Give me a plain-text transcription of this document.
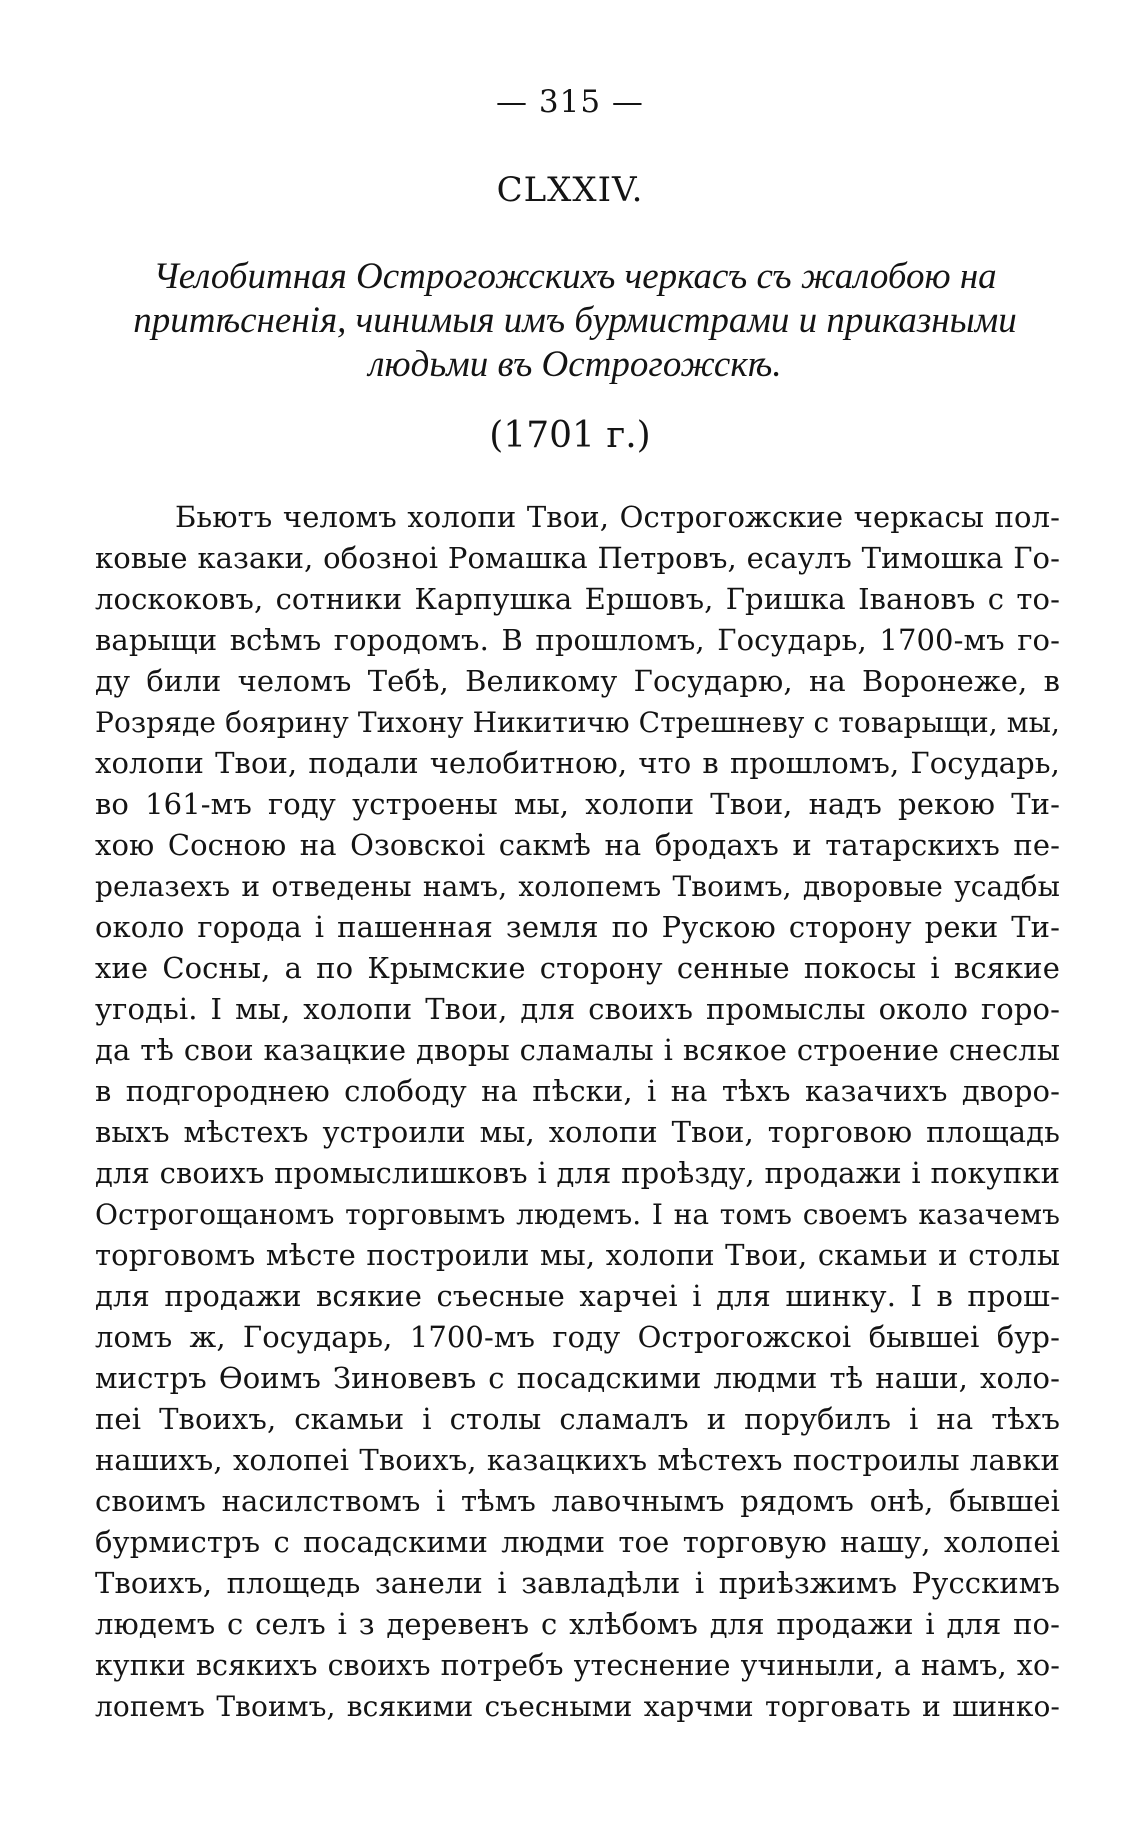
— 315 —
CLXXIV.
Челобитная Острогожскихъ черкасъ съ жалобою на
притѣсненія, чинимыя имъ бурмистрами и приказными
людьми въ Острогожскѣ.
(1701 г.)
Бьютъ челомъ холопи Твои, Острогожские черкасы пол-
ковые казаки, обозноі Ромашка Петровъ, есаулъ Тимошка Го-
лоскоковъ, сотники Карпушка Ершовъ, Гришка Івановъ с то-
варыщи всѣмъ городомъ. В прошломъ, Государь, 1700-мъ го-
ду били челомъ Тебѣ, Великому Государю, на Воронеже, в
Розряде боярину Тихону Никитичю Стрешневу с товарыщи, мы,
холопи Твои, подали челобитною, что в прошломъ, Государь,
во 161-мъ году устроены мы, холопи Твои, надъ рекою Ти-
хою Сосною на Озовскоі сакмѣ на бродахъ и татарскихъ пе-
релазехъ и отведены намъ, холопемъ Твоимъ, дворовые усадбы
около города і пашенная земля по Рускою сторону реки Ти-
хие Сосны, а по Крымские сторону сенные покосы і всякие
угодьі. І мы, холопи Твои, для своихъ промыслы около горо-
да тѣ свои казацкие дворы сламалы і всякое строение снеслы
в подгороднею слободу на пѣски, і на тѣхъ казачихъ дворо-
выхъ мѣстехъ устроили мы, холопи Твои, торговою площадь
для своихъ промыслишковъ і для проѣзду, продажи і покупки
Острогощаномъ торговымъ людемъ. І на томъ своемъ казачемъ
торговомъ мѣсте построили мы, холопи Твои, скамьи и столы
для продажи всякие съесные харчеі і для шинку. І в прош-
ломъ ж, Государь, 1700-мъ году Острогожскоі бывшеі бур-
мистръ Ѳоимъ Зиновевъ с посадскими людми тѣ наши, холо-
пеі Твоихъ, скамьи і столы сламалъ и порубилъ і на тѣхъ
нашихъ, холопеі Твоихъ, казацкихъ мѣстехъ построилы лавки
своимъ насилствомъ і тѣмъ лавочнымъ рядомъ онѣ, бывшеі
бурмистръ с посадскими людми тое торговую нашу, холопеі
Твоихъ, площедь занели і завладѣли і приѣзжимъ Русскимъ
людемъ с селъ і з деревенъ с хлѣбомъ для продажи і для по-
купки всякихъ своихъ потребъ утеснение учиныли, а намъ, хо-
лопемъ Твоимъ, всякими съесными харчми торговать и шинко-
